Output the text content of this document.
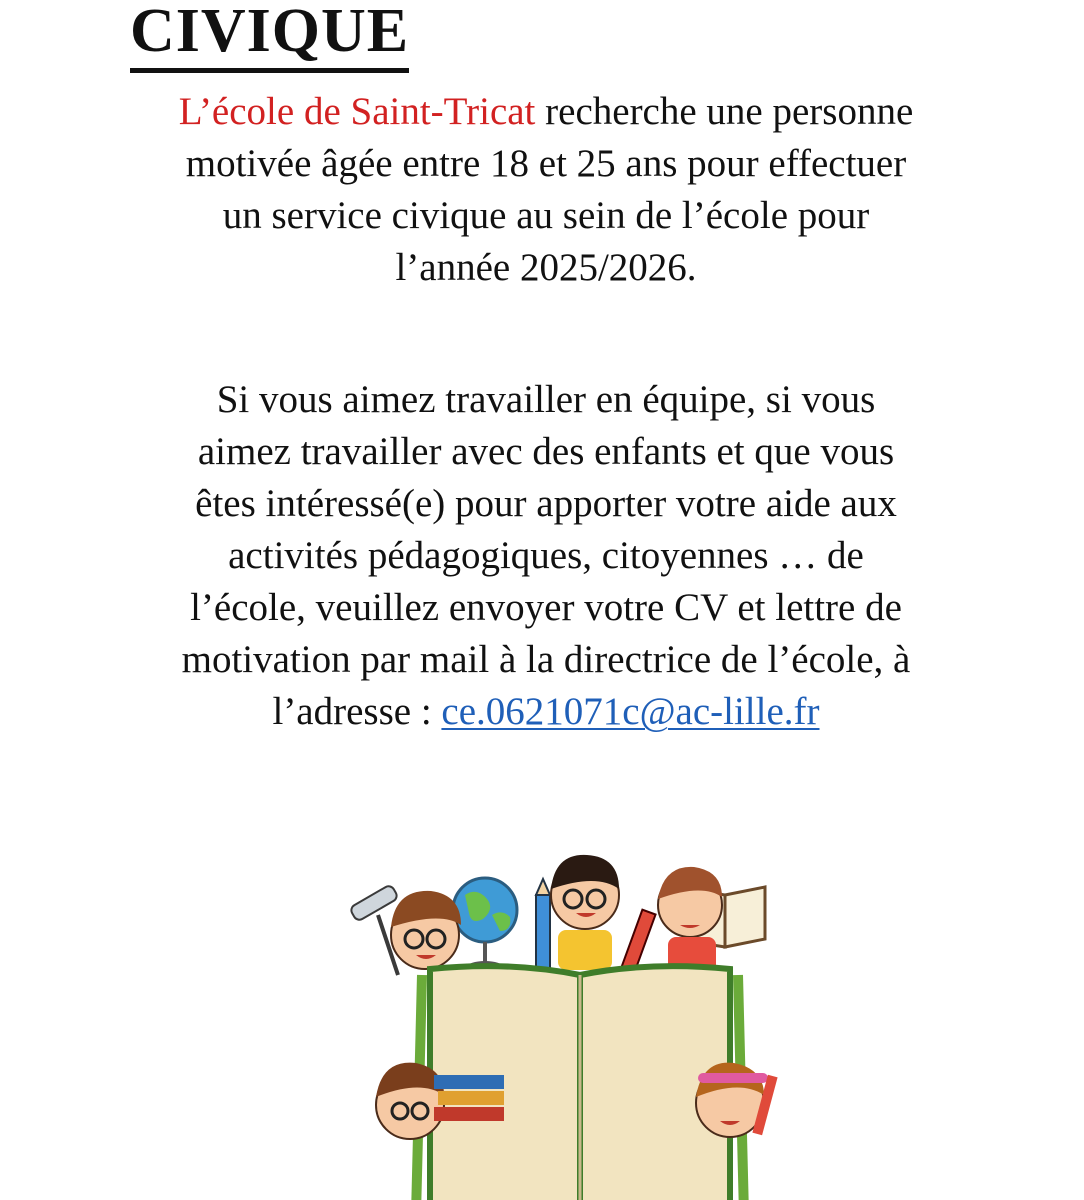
CIVIQUE

L’école de Saint-Tricat recherche une personne
motivée âgée entre 18 et 25 ans pour effectuer
un service civique au sein de l’école pour
l’année 2025/2026.

Si vous aimez travailler en équipe, si vous
aimez travailler avec des enfants et que vous
êtes intéressé(e) pour apporter votre aide aux
activités pédagogiques, citoyennes … de
l’école, veuillez envoyer votre CV et lettre de
motivation par mail à la directrice de l’école, à
l’adresse : ce.0621071c@ac-lille.fr
